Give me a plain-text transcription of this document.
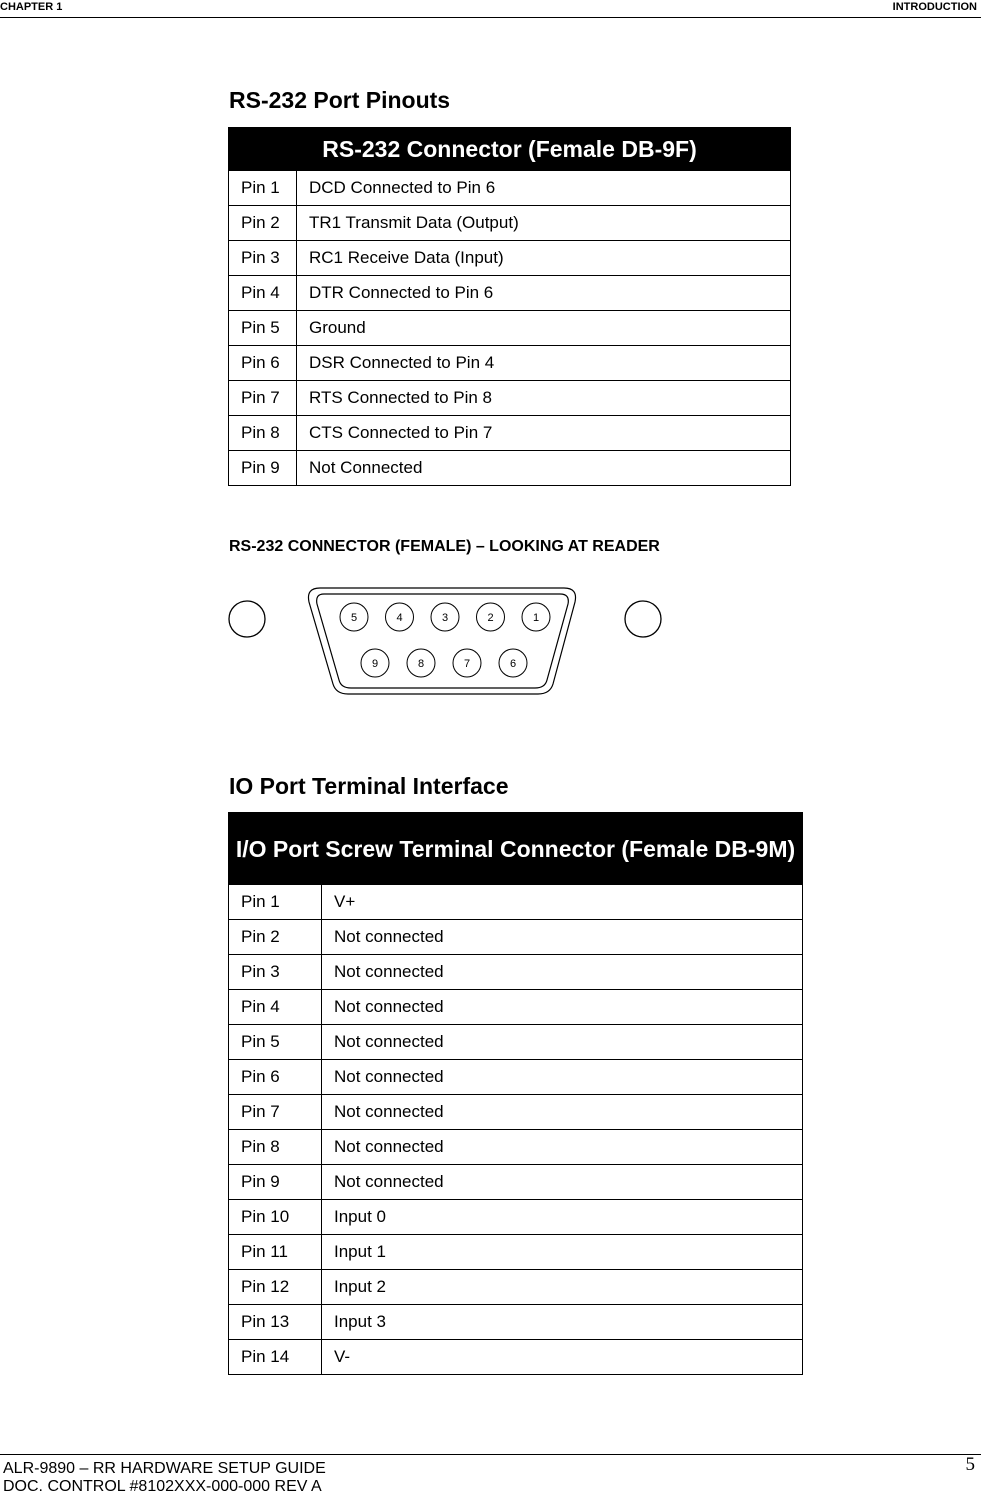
CHAPTER 1	INTRODUCTION
RS-232 Port Pinouts
RS-232 Connector (Female DB-9F)	
Pin 1	DCD Connected to Pin 6
Pin 2	TR1 Transmit Data (Output)
Pin 3	RC1 Receive Data (Input)
Pin 4	DTR Connected to Pin 6
Pin 5	Ground
Pin 6	DSR Connected to Pin 4
Pin 7	RTS Connected to Pin 8
Pin 8	CTS Connected to Pin 7
Pin 9	Not Connected
RS-232 CONNECTOR (FEMALE) – LOOKING AT READER
5	4	3	2	1
9	8	7	6
IO Port Terminal Interface
I/O Port Screw Terminal Connector (Female DB-9M)	
Pin 1	V+
Pin 2	Not connected
Pin 3	Not connected
Pin 4	Not connected
Pin 5	Not connected
Pin 6	Not connected
Pin 7	Not connected
Pin 8	Not connected
Pin 9	Not connected
Pin 10	Input 0
Pin 11	Input 1
Pin 12	Input 2
Pin 13	Input 3
Pin 14	V-
ALR-9890 – RR HARDWARE SETUP GUIDE
DOC. CONTROL #8102XXX-000-000 REV A
5
